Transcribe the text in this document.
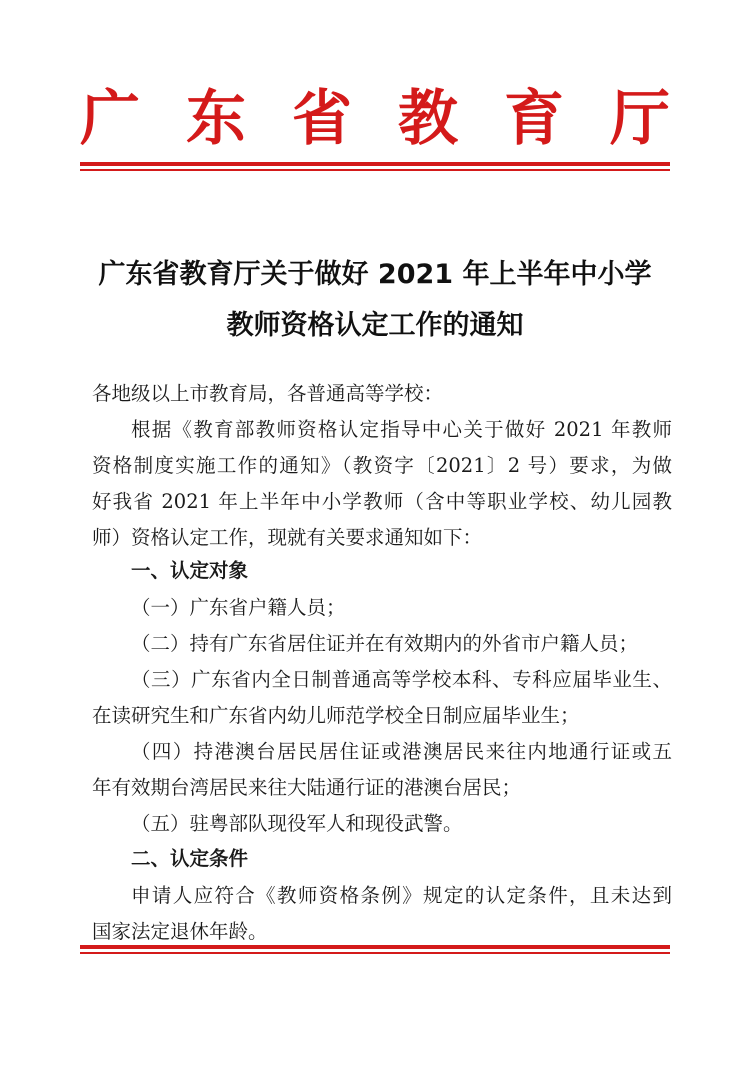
广 东 省 教 育 厅
广东省教育厅关于做好 2021 年上半年中小学
教师资格认定工作的通知
各地级以上市教育局，各普通高等学校：
根据《教育部教师资格认定指导中心关于做好 2021 年教师
资格制度实施工作的通知》（教资字〔2021〕2 号）要求，为做
好我省 2021 年上半年中小学教师（含中等职业学校、幼儿园教
师）资格认定工作，现就有关要求通知如下：
一、认定对象
（一）广东省户籍人员；
（二）持有广东省居住证并在有效期内的外省市户籍人员；
（三）广东省内全日制普通高等学校本科、专科应届毕业生、
在读研究生和广东省内幼儿师范学校全日制应届毕业生；
（四）持港澳台居民居住证或港澳居民来往内地通行证或五
年有效期台湾居民来往大陆通行证的港澳台居民；
（五）驻粤部队现役军人和现役武警。
二、认定条件
申请人应符合《教师资格条例》规定的认定条件，且未达到
国家法定退休年龄。
